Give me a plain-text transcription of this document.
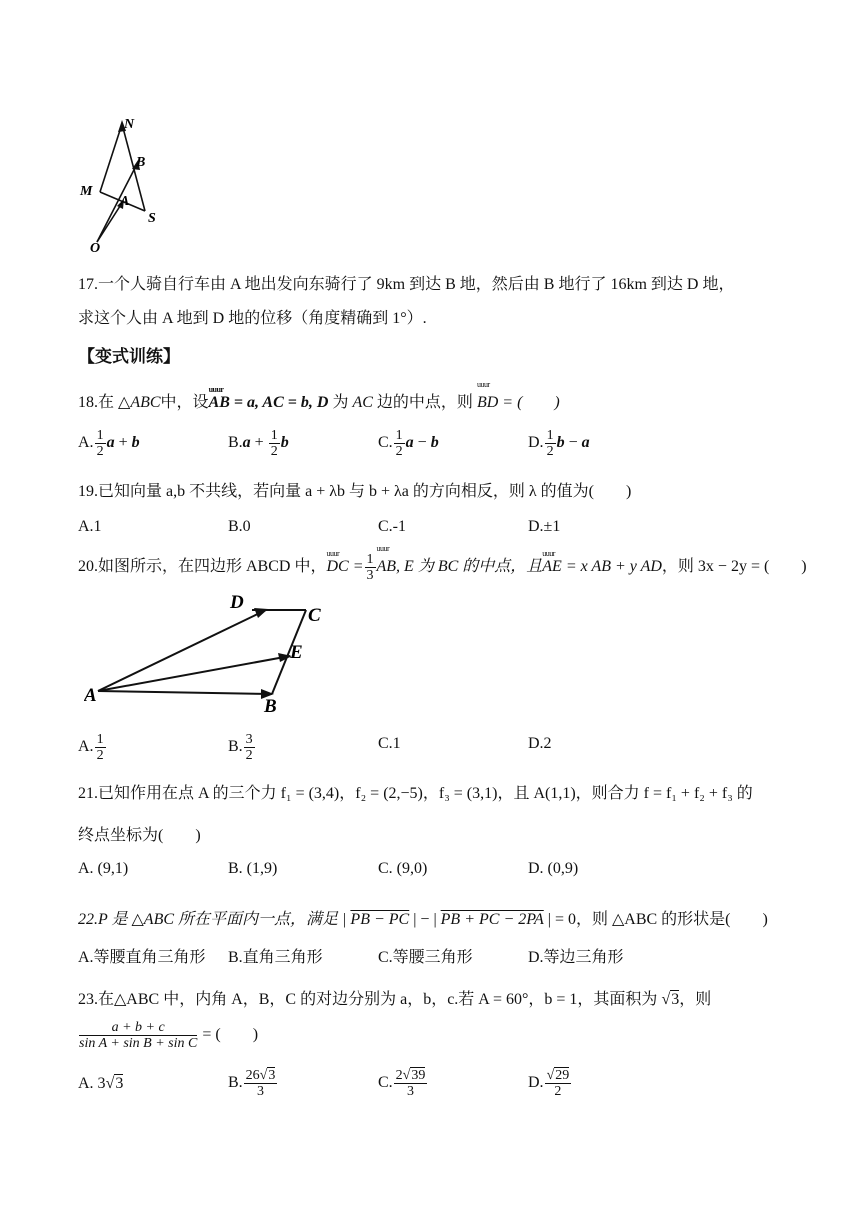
N
B
M
A
S
O
17.一个人骑自行车由 A 地出发向东骑行了 9km 到达 B 地，然后由 B 地行了 16km 到达 D 地，
求这个人由 A 地到 D 地的位移（角度精确到 1°）.
【变式训练】
18.在 △ABC中，设uuur AB = a, AC = b, D 为 AC 边的中点，则 uuur BD = (　　)
A. $\frac{1}{2}$ a + b	$B.a + \frac{1}{2}$ b	C. $\frac{1}{2}$ a − b	D. $\frac{1}{2}$ b − a
19.已知向量 a,b 不共线，若向量 a + λb 与 b + λa 的方向相反，则 λ 的值为(　　)
A.1	B.0	C.-1	D.±1
20.如图所示，在四边形 ABCD 中，uuur DC = $\frac{1}{3}$ uuur AB, E 为 BC 的中点，且uuur AE = x AB + y AD，则 3x − 2y = (　　)
D
C
E
A
B
A. $\frac{1}{2}$	B. $\frac{3}{2}$	C.1	D.2
21.已知作用在点 A 的三个力 f₁ = (3,4)，f₂ = (2,−5)，f₃ = (3,1)，且 A(1,1)，则合力 f = f₁ + f₂ + f₃ 的
终点坐标为(　　)
A. (9,1)	B. (1,9)	C. (9,0)	D. (0,9)
22.P 是 △ABC 所在平面内一点，满足 | PB − PC | − | PB + PC − 2PA | = 0，则 △ABC 的形状是(　　)
A.等腰直角三角形 B.直角三角形	C.等腰三角形	D.等边三角形
23.在△ABC 中，内角 A，B，C 的对边分别为 a，b，c.若 A = 60°，b = 1，其面积为 √3，则
$\frac{a + b + c}{\text{sin A + sin B + sin C}}$ = (　　)
A. 3√3	B. $\frac{26√3}{3}$	C. $\frac{2√39}{3}$	D. $\frac{√29}{2}$
